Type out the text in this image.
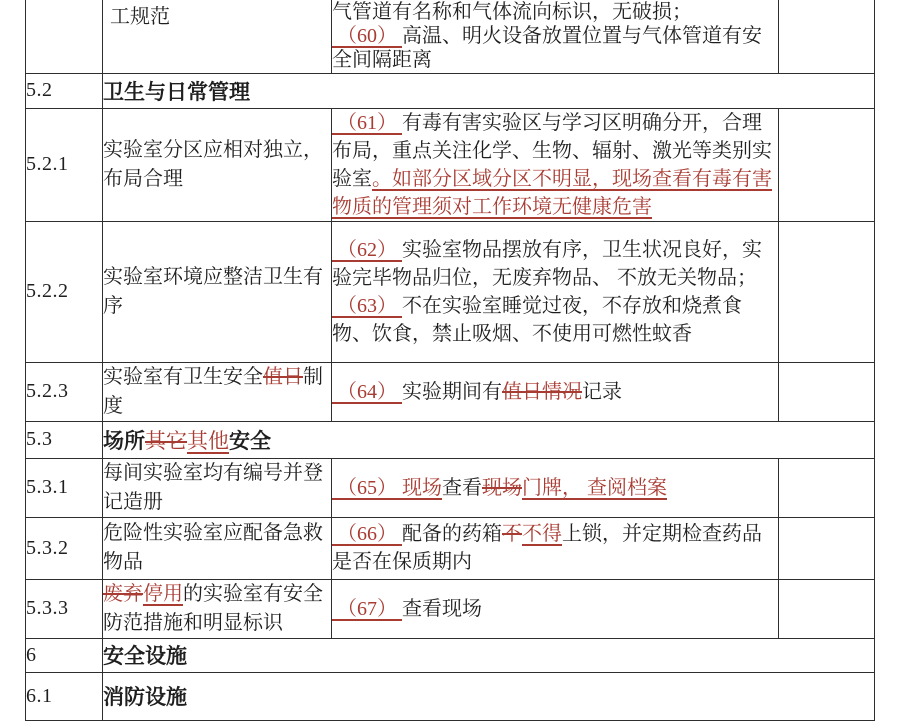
	工规范	气管道有名称和气体流向标识，无破损；

（60） 高温、明火设备放置位置与气体管道有安全间隔距离	

5.2	卫生与日常管理		
5.2.1	实验室分区应相对独立，布局合理	（61） 有毒有害实验区与学习区明确分开，合理布局，重点关注化学、生物、辐射、激光等类别实验室。如部分区域分区不明显，现场查看有毒有害物质的管理须对工作环境无健康危害	

5.2.2	实验室环境应整洁卫生有序	（62） 实验室物品摆放有序，卫生状况良好，实验完毕物品归位，无废弃物品、 不放无关物品；

（63） 不在实验室睡觉过夜，不存放和烧煮食物、饮食，禁止吸烟、不使用可燃性蚊香	

5.2.3	实验室有卫生安全值日制度	（64） 实验期间有值日情况记录	

5.3	场所其它其他安全		
5.3.1	每间实验室均有编号并登记造册	（65） 现场查看现场门牌， 查阅档案	

5.3.2	危险性实验室应配备急救物品	（66） 配备的药箱不不得上锁，并定期检查药品是否在保质期内	

5.3.3	废弃停用的实验室有安全防范措施和明显标识	（67） 查看现场	

6	安全设施		
6.1	消防设施		
